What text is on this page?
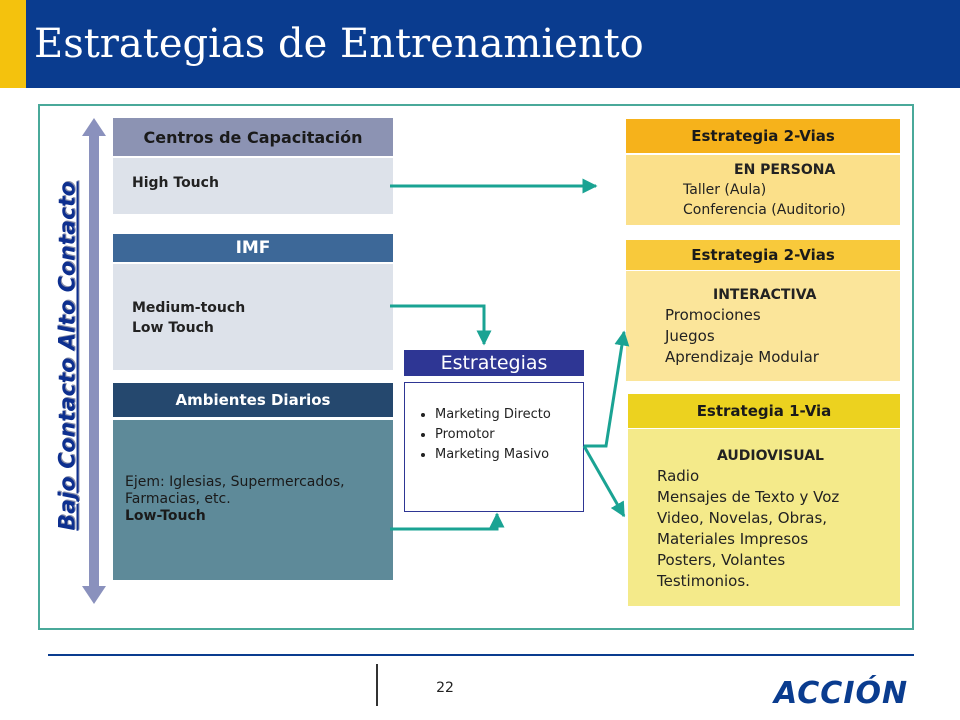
Estrategias de Entrenamiento
Bajo Contacto Alto Contacto
Centros de Capacitación
High Touch
IMF
Medium-touch
Low Touch
Ambientes Diarios
Ejem: Iglesias, Supermercados,
Farmacias, etc.
Low-Touch
Estrategias
• Marketing Directo
• Promotor
• Marketing Masivo
Estrategia 2-Vias
EN PERSONA
Taller (Aula)
Conferencia (Auditorio)
Estrategia 2-Vias
INTERACTIVA
Promociones
Juegos
Aprendizaje Modular
Estrategia 1-Via
AUDIOVISUAL
Radio
Mensajes de Texto y Voz
Video, Novelas, Obras,
Materiales Impresos
Posters, Volantes
Testimonios.
22	ACCIÓN
